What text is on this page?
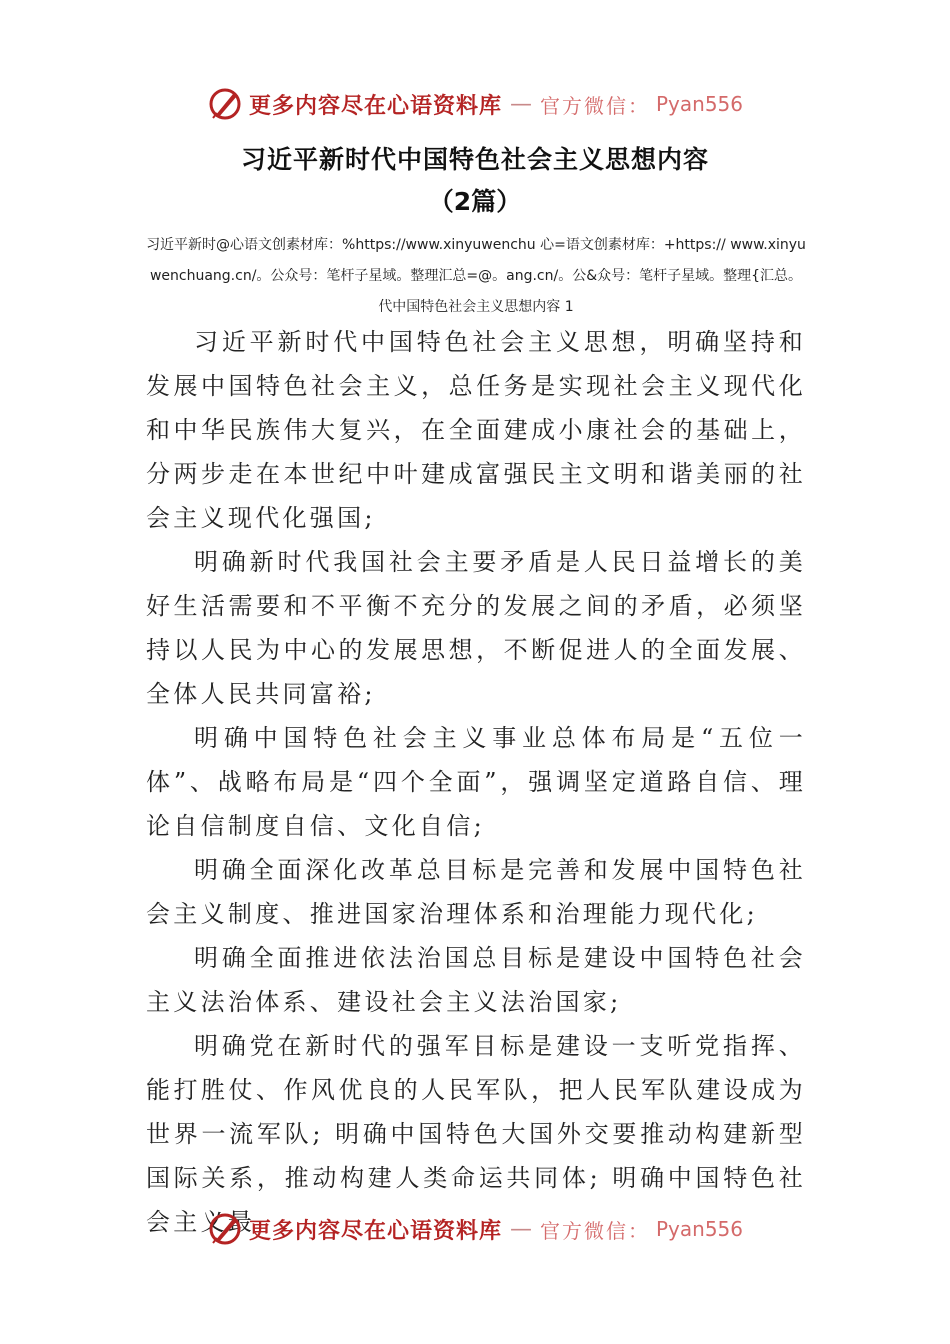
更多内容尽在心语资料库 — 官方微信： Pyan556
习近平新时代中国特色社会主义思想内容
（2篇）
习近平新时@心语文创素材库：%https://www.xinyuwenchu 心=语文创素材库：+https:// www.xinyuwenchuang.cn/。公众号：笔杆子星域。整理汇总=@。ang.cn/。公&众号：笔杆子星域。整理{汇总。代中国特色社会主义思想内容 1

习近平新时代中国特色社会主义思想，明确坚持和发展中国特色社会主义，总任务是实现社会主义现代化和中华民族伟大复兴，在全面建成小康社会的基础上，分两步走在本世纪中叶建成富强民主文明和谐美丽的社会主义现代化强国;

明确新时代我国社会主要矛盾是人民日益增长的美好生活需要和不平衡不充分的发展之间的矛盾，必须坚持以人民为中心的发展思想，不断促进人的全面发展、全体人民共同富裕;

明确中国特色社会主义事业总体布局是“五位一体”、战略布局是“四个全面”，强调坚定道路自信、理论自信制度自信、文化自信;

明确全面深化改革总目标是完善和发展中国特色社会主义制度、推进国家治理体系和治理能力现代化;

明确全面推进依法治国总目标是建设中国特色社会主义法治体系、建设社会主义法治国家;

明确党在新时代的强军目标是建设一支听党指挥、能打胜仗、作风优良的人民军队，把人民军队建设成为世界一流军队; 明确中国特色大国外交要推动构建新型国际关系，推动构建人类命运共同体; 明确中国特色社会主义最

更多内容尽在心语资料库 — 官方微信： Pyan556
